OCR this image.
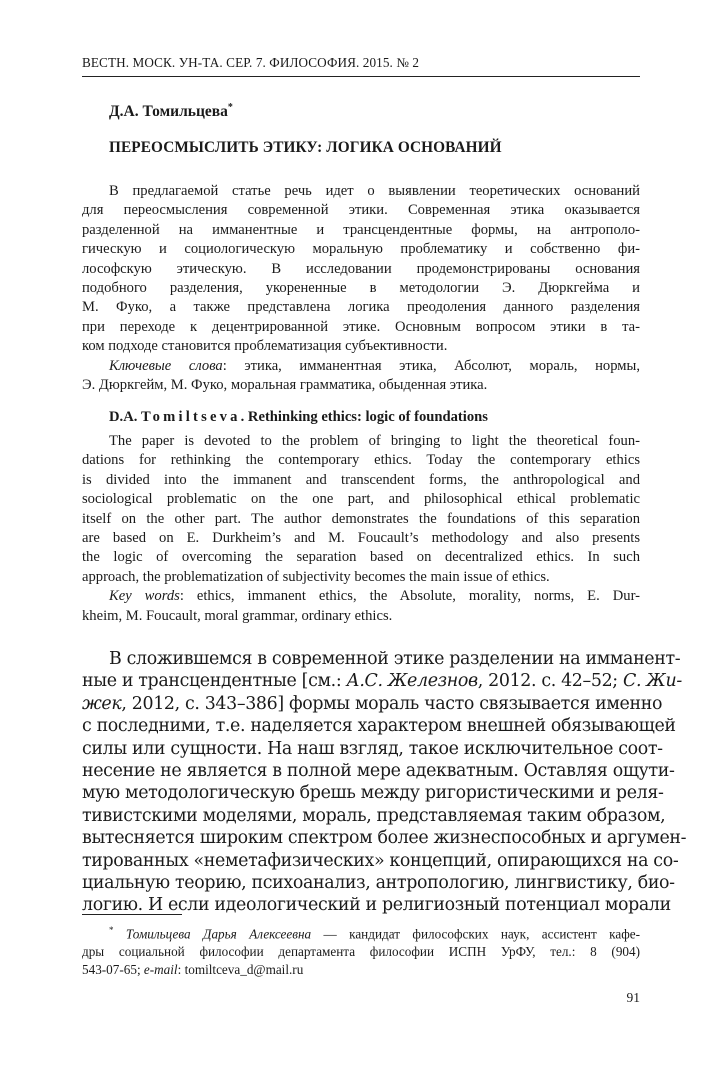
ВЕСТН. МОСК. УН-ТА. СЕР. 7. ФИЛОСОФИЯ. 2015. № 2
Д.А. Томильцева*
ПЕРЕОСМЫСЛИТЬ ЭТИКУ: ЛОГИКА ОСНОВАНИЙ
В предлагаемой статье речь идет о выявлении теоретических оснований
для переосмысления современной этики. Современная этика оказывается
разделенной на имманентные и трансцендентные формы, на антрополо-
гическую и социологическую моральную проблематику и собственно фи-
лософскую этическую. В исследовании продемонстрированы основания
подобного разделения, укорененные в методологии Э. Дюркгейма и
М. Фуко, а также представлена логика преодоления данного разделения
при переходе к децентрированной этике. Основным вопросом этики в та-
ком подходе становится проблематизация субъективности.
Ключевые слова: этика, имманентная этика, Абсолют, мораль, нормы,
Э. Дюркгейм, М. Фуко, моральная грамматика, обыденная этика.
D.A. Tomiltseva. Rethinking ethics: logic of foundations
The paper is devoted to the problem of bringing to light the theoretical foun-
dations for rethinking the contemporary ethics. Today the contemporary ethics
is divided into the immanent and transcendent forms, the anthropological and
sociological problematic on the one part, and philosophical ethical problematic
itself on the other part. The author demonstrates the foundations of this separation
are based on E. Durkheim’s and M. Foucault’s methodology and also presents
the logic of overcoming the separation based on decentralized ethics. In such
approach, the problematization of subjectivity becomes the main issue of ethics.
Key words: ethics, immanent ethics, the Absolute, morality, norms, E. Dur-
kheim, M. Foucault, moral grammar, ordinary ethics.
В сложившемся в современной этике разделении на имманент-
ные и трансцендентные [см.: А.С. Железнов, 2012. с. 42–52; С. Жи-
жек, 2012, с. 343–386] формы мораль часто связывается именно
с последними, т.е. наделяется характером внешней обязывающей
силы или сущности. На наш взгляд, такое исключительное соот-
несение не является в полной мере адекватным. Оставляя ощути-
мую методологическую брешь между ригористическими и реля-
тивистскими моделями, мораль, представляемая таким образом,
вытесняется широким спектром более жизнеспособных и аргумен-
тированных «неметафизических» концепций, опирающихся на со-
циальную теорию, психоанализ, антропологию, лингвистику, био-
логию. И если идеологический и религиозный потенциал морали
* Томильцева Дарья Алексеевна — кандидат философских наук, ассистент кафе-
дры социальной философии департамента философии ИСПН УрФУ, тел.: 8 (904)
543-07-65; e-mail: tomiltceva_d@mail.ru
91
